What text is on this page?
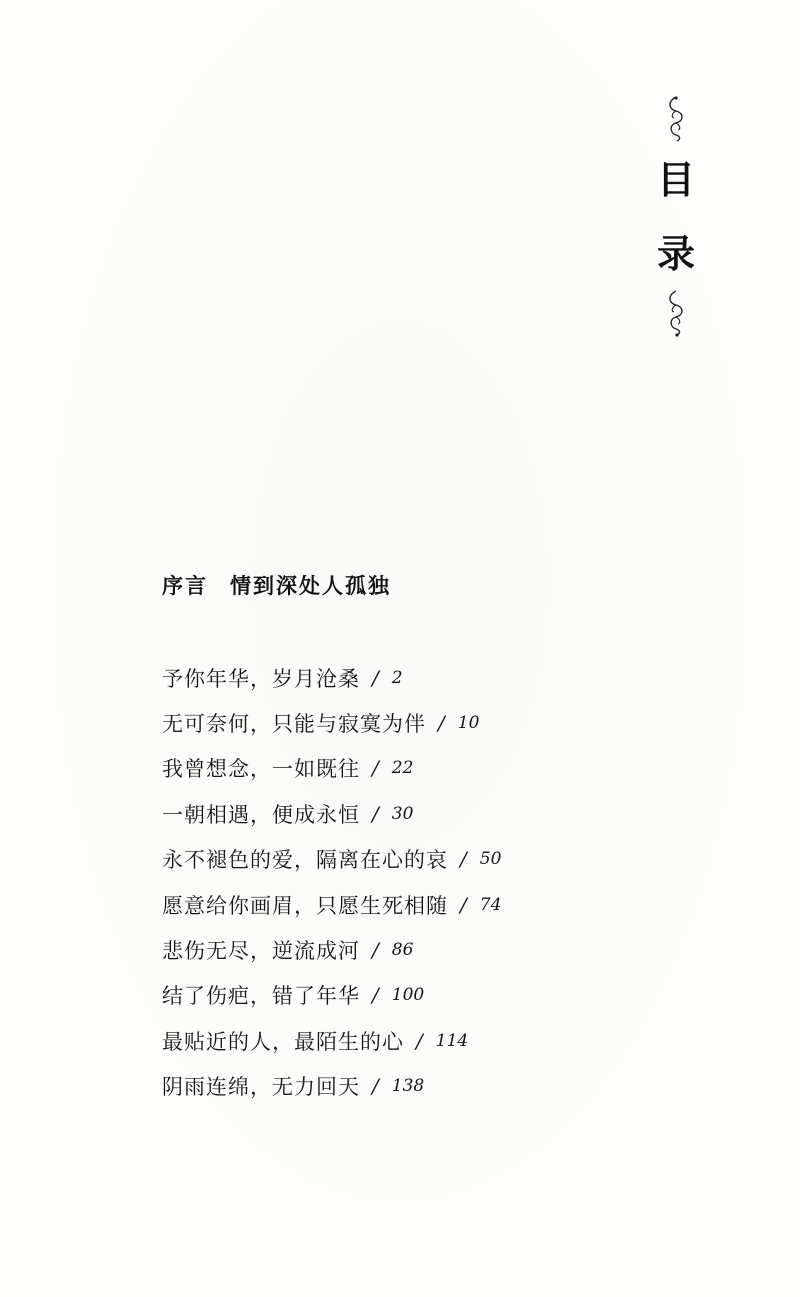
目
录
序言 情到深处人孤独
予你年华，岁月沧桑 / 2
无可奈何，只能与寂寞为伴 / 10
我曾想念，一如既往 / 22
一朝相遇，便成永恒 / 30
永不褪色的爱，隔离在心的哀 / 50
愿意给你画眉，只愿生死相随 / 74
悲伤无尽，逆流成河 / 86
结了伤疤，错了年华 / 100
最贴近的人，最陌生的心 / 114
阴雨连绵，无力回天 / 138
